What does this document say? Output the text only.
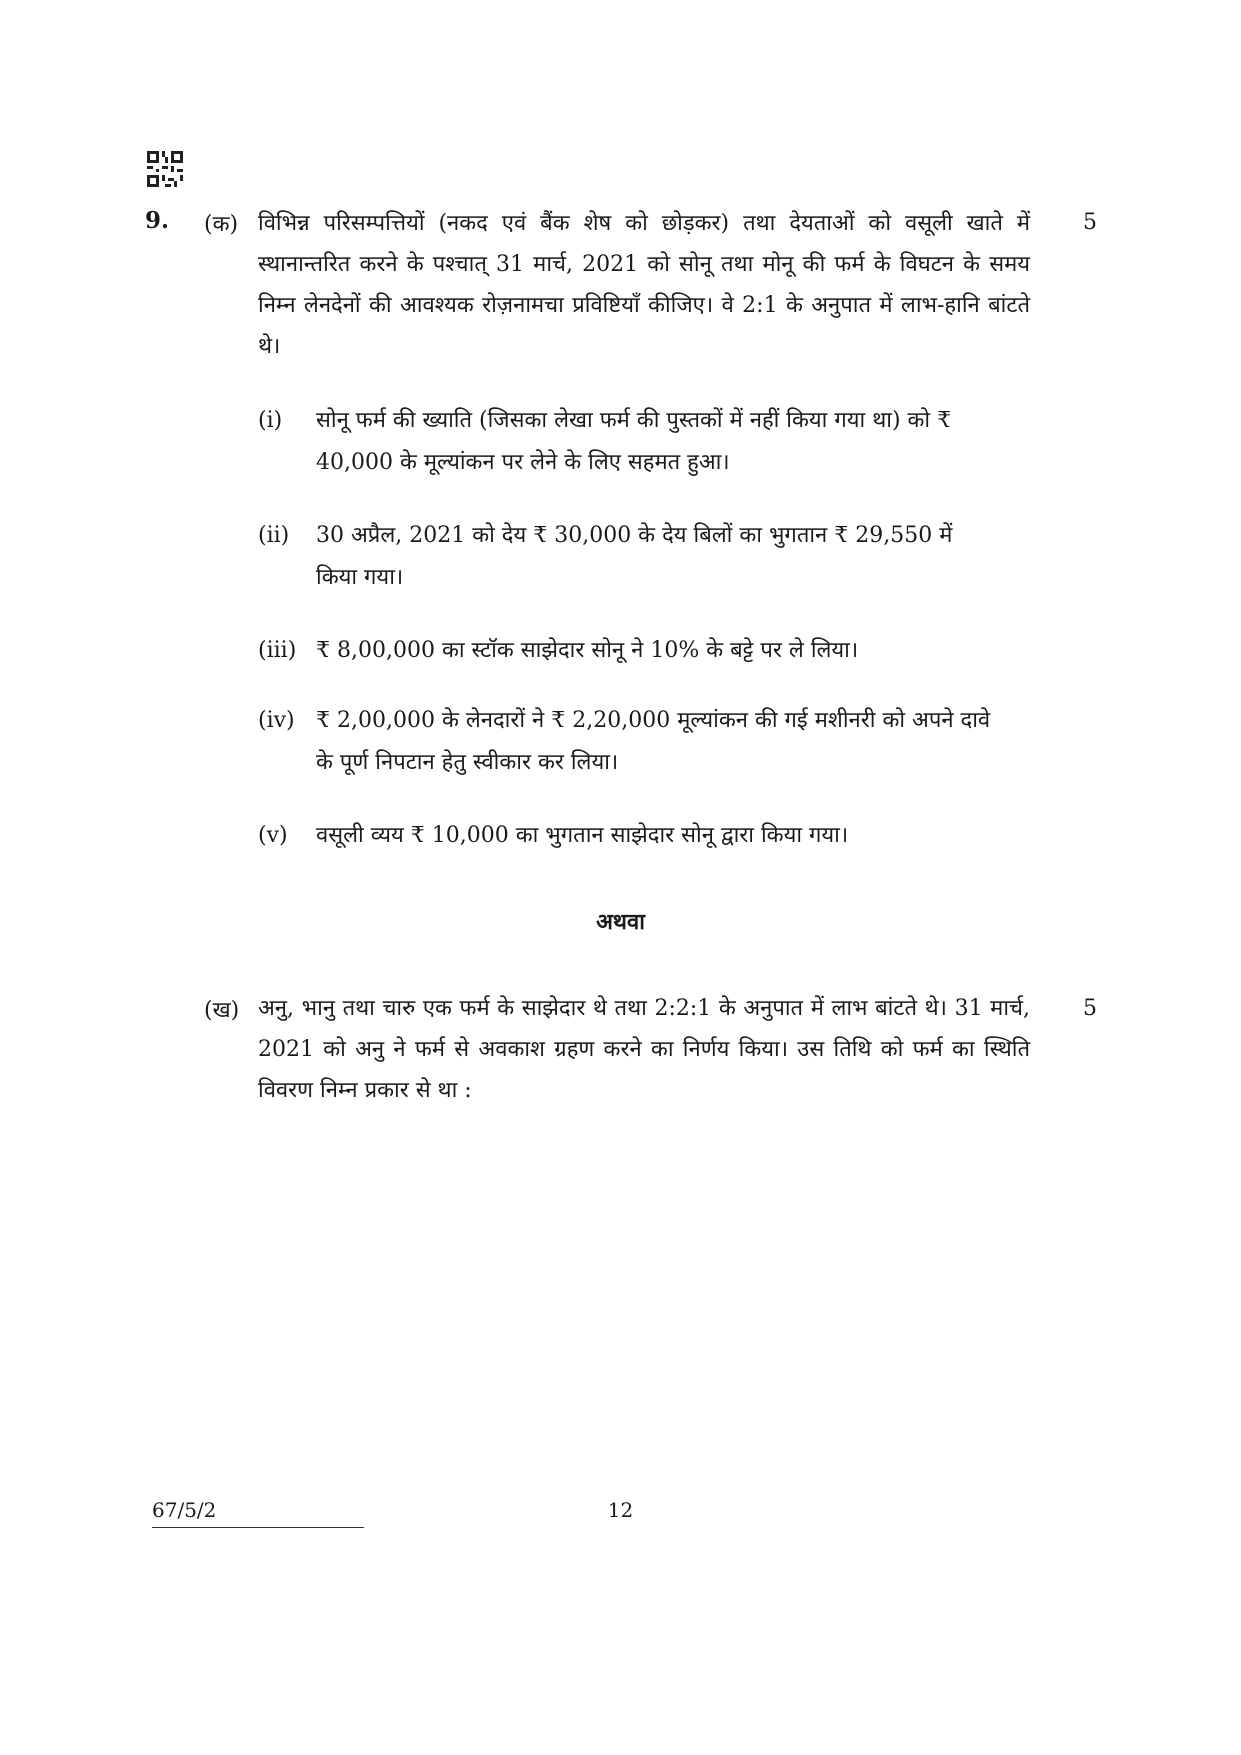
9. (क)	5
विभिन्न परिसम्पत्तियों (नकद एवं बैंक शेष को छोड़कर) तथा देयताओं को वसूली खाते में स्थानान्तरित करने के पश्चात् 31 मार्च, 2021 को सोनू तथा मोनू की फर्म के विघटन के समय निम्न लेनदेनों की आवश्यक रोज़नामचा प्रविष्टियाँ कीजिए। वे 2:1 के अनुपात में लाभ-हानि बांटते थे।
(i) सोनू फर्म की ख्याति (जिसका लेखा फर्म की पुस्तकों में नहीं किया गया था) को ₹ 40,000 के मूल्यांकन पर लेने के लिए सहमत हुआ।
(ii) 30 अप्रैल, 2021 को देय ₹ 30,000 के देय बिलों का भुगतान ₹ 29,550 में किया गया।
(iii) ₹ 8,00,000 का स्टॉक साझेदार सोनू ने 10% के बट्टे पर ले लिया।
(iv) ₹ 2,00,000 के लेनदारों ने ₹ 2,20,000 मूल्यांकन की गई मशीनरी को अपने दावे के पूर्ण निपटान हेतु स्वीकार कर लिया।
(v) वसूली व्यय ₹ 10,000 का भुगतान साझेदार सोनू द्वारा किया गया।
अथवा
(ख)	5
अनु, भानु तथा चारु एक फर्म के साझेदार थे तथा 2:2:1 के अनुपात में लाभ बांटते थे। 31 मार्च, 2021 को अनु ने फर्म से अवकाश ग्रहण करने का निर्णय किया। उस तिथि को फर्म का स्थिति विवरण निम्न प्रकार से था :
67/5/2	12
